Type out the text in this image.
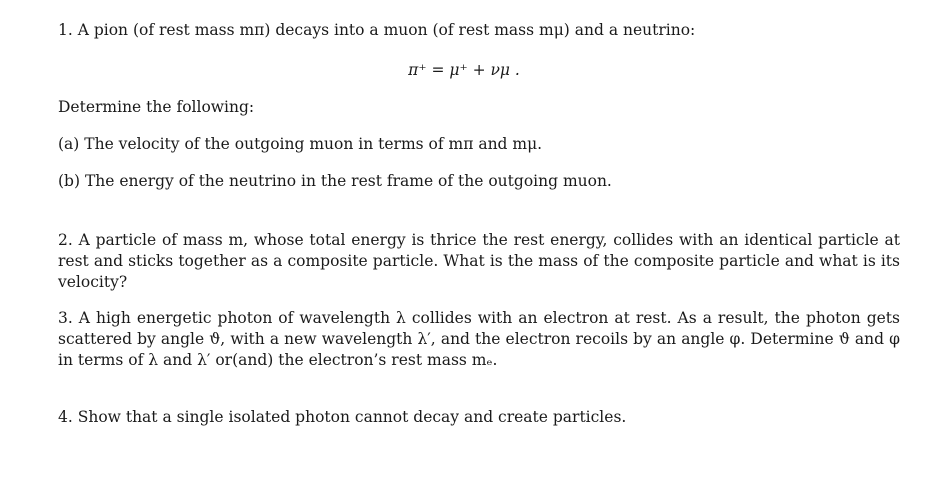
1. A pion (of rest mass mπ) decays into a muon (of rest mass mμ) and a neutrino:
π⁺ = μ⁺ + νμ .
Determine the following:
(a) The velocity of the outgoing muon in terms of mπ and mμ.
(b) The energy of the neutrino in the rest frame of the outgoing muon.
2. A particle of mass m, whose total energy is thrice the rest energy, collides with an identical particle at rest and sticks together as a composite particle. What is the mass of the composite particle and what is its velocity?
3. A high energetic photon of wavelength λ collides with an electron at rest. As a result, the photon gets scattered by angle ϑ, with a new wavelength λ′, and the electron recoils by an angle φ. Determine ϑ and φ in terms of λ and λ′ or(and) the electron’s rest mass mₑ.
4. Show that a single isolated photon cannot decay and create particles.
